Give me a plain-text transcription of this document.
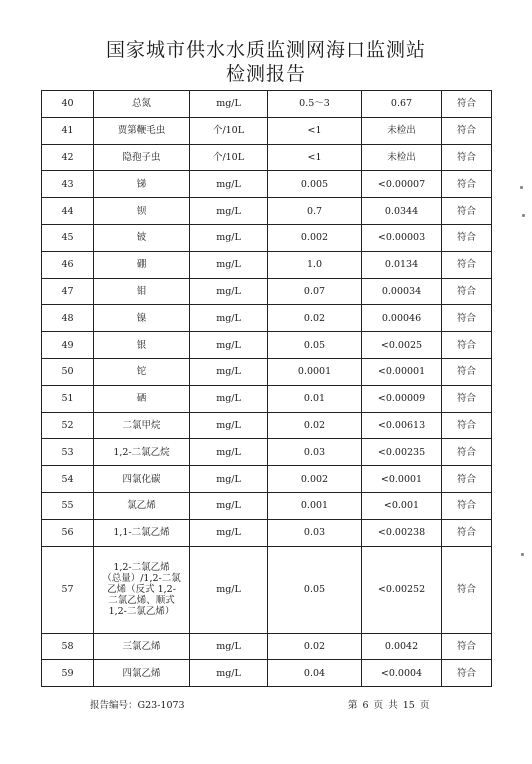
国家城市供水水质监测网海口监测站
检测报告
40	总氮	mg/L	0.5～3	0.67	符合
41	贾第鞭毛虫	个/10L	<1	未检出	符合
42	隐孢子虫	个/10L	<1	未检出	符合
43	锑	mg/L	0.005	<0.00007	符合
44	钡	mg/L	0.7	0.0344	符合
45	铍	mg/L	0.002	<0.00003	符合
46	硼	mg/L	1.0	0.0134	符合
47	钼	mg/L	0.07	0.00034	符合
48	镍	mg/L	0.02	0.00046	符合
49	银	mg/L	0.05	<0.0025	符合
50	铊	mg/L	0.0001	<0.00001	符合
51	硒	mg/L	0.01	<0.00009	符合
52	二氯甲烷	mg/L	0.02	<0.00613	符合
53	1,2-二氯乙烷	mg/L	0.03	<0.00235	符合
54	四氯化碳	mg/L	0.002	<0.0001	符合
55	氯乙烯	mg/L	0.001	<0.001	符合
56	1,1-二氯乙烯	mg/L	0.03	<0.00238	符合
57	1,2-二氯乙烯
（总量）/1,2-二氯
乙烯（反式 1,2-
二氯乙烯、顺式
1,2-二氯乙烯）	mg/L	0.05	<0.00252	符合
58	三氯乙烯	mg/L	0.02	0.0042	符合
59	四氯乙烯	mg/L	0.04	<0.0004	符合
报告编号：G23-1073	第 6 页 共 15 页
